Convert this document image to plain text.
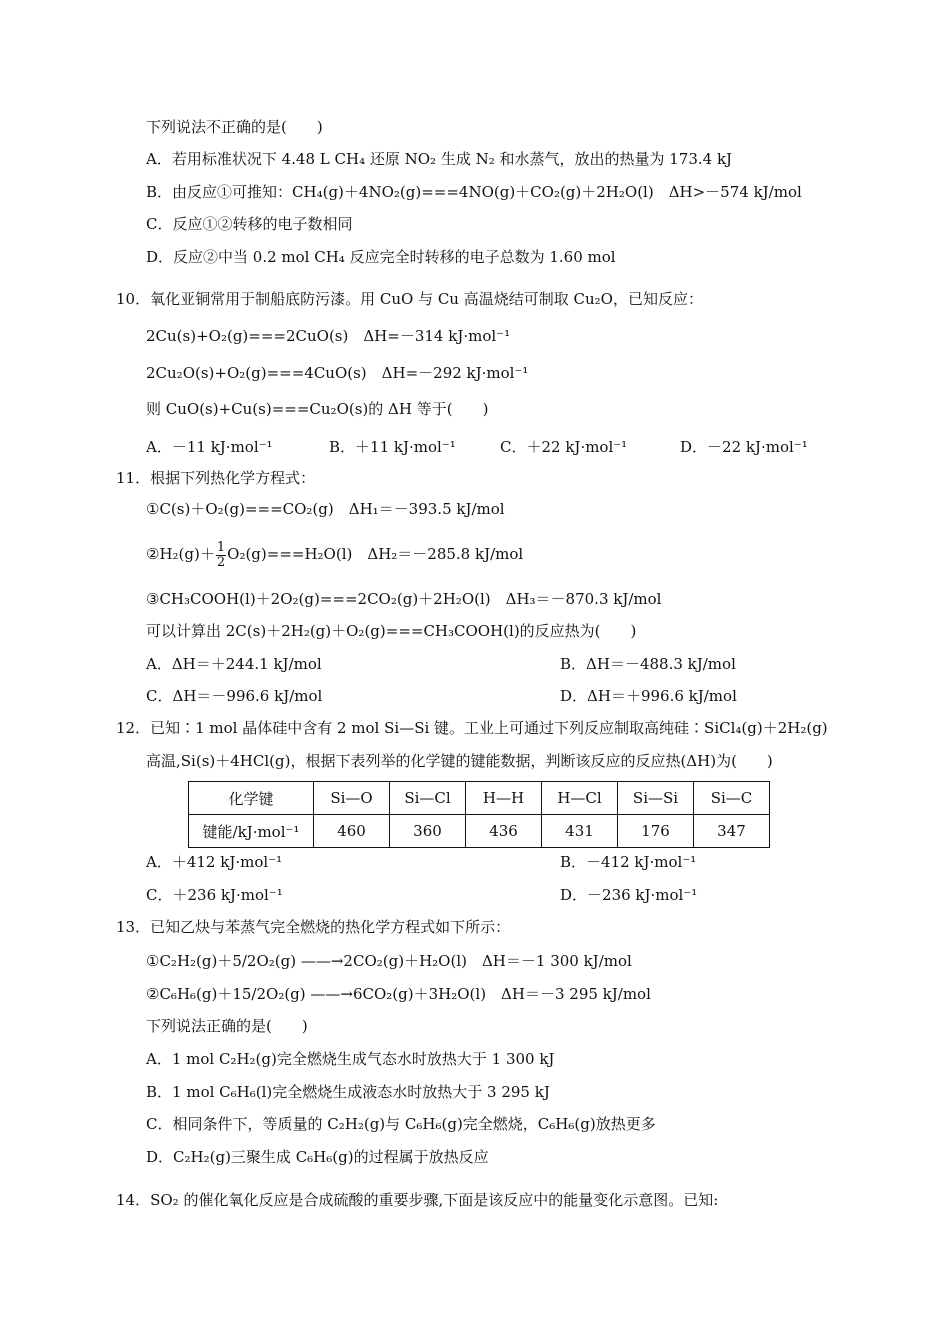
下列说法不正确的是(　　)
A．若用标准状况下 4.48 L CH₄ 还原 NO₂ 生成 N₂ 和水蒸气，放出的热量为 173.4 kJ
B．由反应①可推知：CH₄(g)＋4NO₂(g)===4NO(g)＋CO₂(g)＋2H₂O(l)　ΔH>－574 kJ/mol
C．反应①②转移的电子数相同
D．反应②中当 0.2 mol CH₄ 反应完全时转移的电子总数为 1.60 mol
10．氧化亚铜常用于制船底防污漆。用 CuO 与 Cu 高温烧结可制取 Cu₂O，已知反应：
2Cu(s)+O₂(g)===2CuO(s)　ΔH=－314 kJ·mol⁻¹
2Cu₂O(s)+O₂(g)===4CuO(s)　ΔH=－292 kJ·mol⁻¹
则 CuO(s)+Cu(s)===Cu₂O(s)的 ΔH 等于(　　)
A．－11 kJ·mol⁻¹	B．＋11 kJ·mol⁻¹	C．＋22 kJ·mol⁻¹	D．－22 kJ·mol⁻¹
11．根据下列热化学方程式：
①C(s)＋O₂(g)===CO₂(g)　ΔH₁＝－393.5 kJ/mol
②H₂(g)＋ $\frac{1}{2} O_2(g)===H_2O(l)$　ΔH₂＝－285.8 kJ/mol
③CH₃COOH(l)＋2O₂(g)===2CO₂(g)＋2H₂O(l)　ΔH₃＝－870.3 kJ/mol
可以计算出 2C(s)＋2H₂(g)＋O₂(g)===CH₃COOH(l)的反应热为(　　)
A．ΔH＝＋244.1 kJ/mol	B．ΔH＝－488.3 kJ/mol
C．ΔH＝－996.6 kJ/mol	D．ΔH＝＋996.6 kJ/mol
12．已知∶1 mol 晶体硅中含有 2 mol Si—Si 键。工业上可通过下列反应制取高纯硅∶SiCl₄(g)＋2H₂(g)
高温,Si(s)＋4HCl(g)，根据下表列举的化学键的键能数据，判断该反应的反应热(ΔH)为(　　)
化学键	Si—O	Si—Cl	H—H	H—Cl	Si—Si	Si—C
键能/kJ·mol⁻¹	460	360	436	431	176	347
A．＋412 kJ·mol⁻¹	B．－412 kJ·mol⁻¹
C．＋236 kJ·mol⁻¹	D．－236 kJ·mol⁻¹
13．已知乙炔与苯蒸气完全燃烧的热化学方程式如下所示：
①C₂H₂(g)＋5/2O₂(g) ——→2CO₂(g)＋H₂O(l)　ΔH＝－1 300 kJ/mol
②C₆H₆(g)＋15/2O₂(g) ——→6CO₂(g)＋3H₂O(l)　ΔH＝－3 295 kJ/mol
下列说法正确的是(　　)
A．1 mol C₂H₂(g)完全燃烧生成气态水时放热大于 1 300 kJ
B．1 mol C₆H₆(l)完全燃烧生成液态水时放热大于 3 295 kJ
C．相同条件下，等质量的 C₂H₂(g)与 C₆H₆(g)完全燃烧，C₆H₆(g)放热更多
D．C₂H₂(g)三聚生成 C₆H₆(g)的过程属于放热反应
14．SO₂ 的催化氧化反应是合成硫酸的重要步骤,下面是该反应中的能量变化示意图。已知:
